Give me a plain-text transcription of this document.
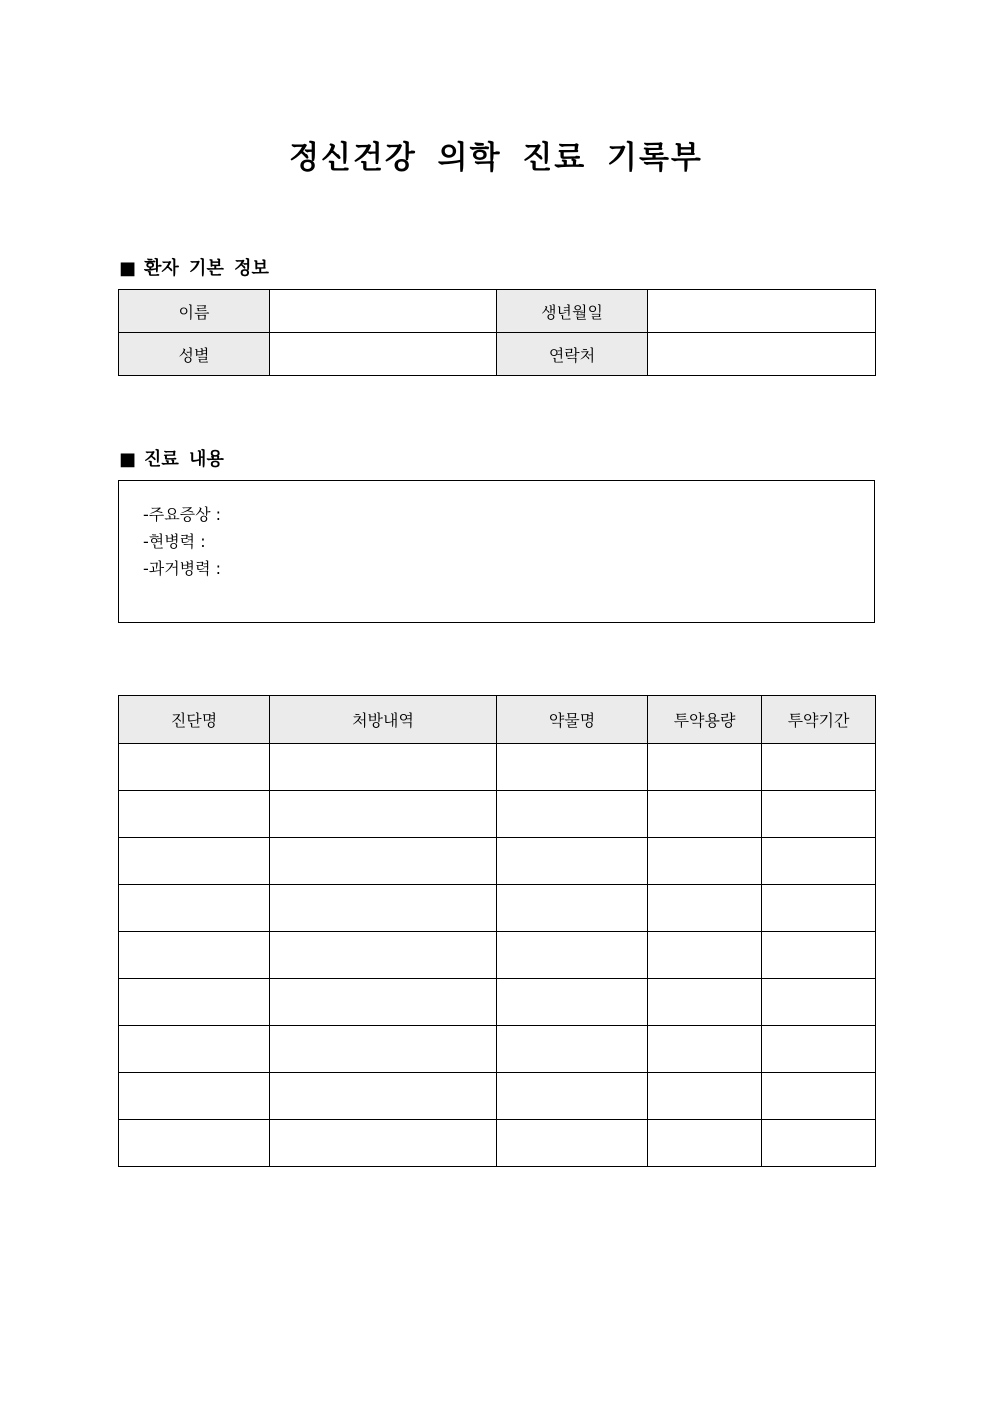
정신건강 의학 진료 기록부
■ 환자 기본 정보
이름		생년월일	
성별		연락처	
■ 진료 내용
-주요증상 :
-현병력 :
-과거병력 :
진단명	처방내역	약물명	투약용량	투약기간
